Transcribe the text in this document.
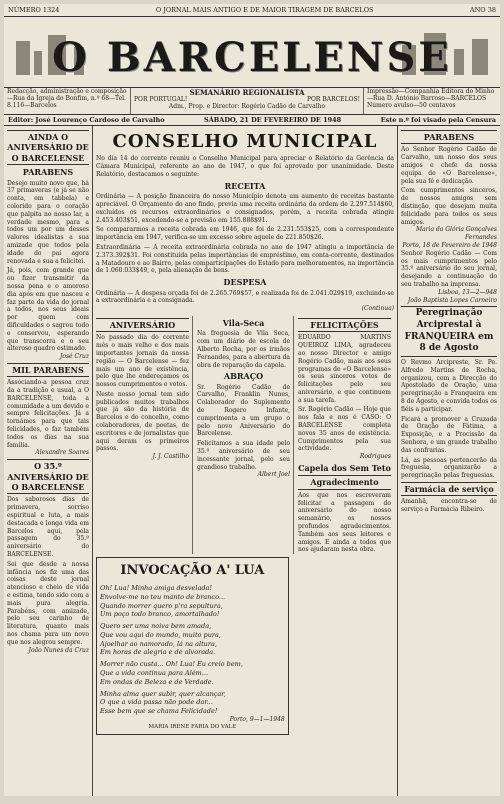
NÚMERO 1324	O JORNAL MAIS ANTIGO E DE MAIOR TIRAGEM DE BARCELOS	ANO 38
O BARCELENSE
Redacção, administração e composição—Rua da Igreja do Bonfim, n.º 68—Tel. 8.116—Barcelos
SEMANÁRIO REGIONALISTA
POR PORTUGAL!	POR BARCELOS!
Adm., Prop. e Director: Rogério Cadão de Carvalho
Impressão—Companhia Editora do Minho—Rua D. António Barroso—BARCELOS
Número avulso—50 centavos
Editor: José Lourenço Cardoso de Carvalho	SÁBADO, 21 DE FEVEREIRO DE 1948	Este n.º foi visado pela Censura
AINDA O ANIVERSÁRIO DE O BARCELENSE
PARABENS
Desejo muito novo que, há 37 primaveras (e já se não conta, em tabbela) e colorido para o coração que palpita no nosso lar, a verdade mesmo, para a todos um por um desses valores idealistas a sua amizade que todos pela idade do pai agora renovada e sua a felicitei.
Já, pois, com grande que ou fizer transmitir da nossa pena e o amoroso dia após em que nasceu e faz parte da vida do jornal a todos, nos seus ideais por quem com dificuldades o sagrou todo e conservou, esperando que transcorra e o seu alteroso quadro estimado.
José Cruz
MIL PARABENS
Associando-a pessoa cruz da a tradição e usual, a O BARCELENSE, toda a comunidade a um devido e sempre felicitações. Já a tornámos para que tais felicidades, o faz também todos os dias na sua família.
Alexandre Soares
O 35.º ANIVERSÁRIO DE O BARCELENSE
Dos saborosos dias de primavera, sorriso espiritual e luta, a mais destacada e longa vida em Barcelos aqui, pela passagem do 35.º aniversário do BARCELENSE.
Sei que desde a nossa infância nos fiz uma das coisas deste jornal atencioso e cheio de vida e estima, tendo sido com a mais pura alegria. Parabéns, com amizade, pelo seu carinho de literatura, quanto mais nos chama para um novo que nos alegrou sempre.
João Nunes da Cruz
CONSELHO MUNICIPAL
No dia 14 do corrente reuniu o Conselho Municipal para apreciar o Relatório da Gerência da Câmara Municipal, referente ao ano de 1947, o que foi aprovado por unanimidade. Deste Relatório, destacamos o seguinte:
RECEITA
Ordinária — A posição financeira do nosso Município denota um aumento de receitas bastante apreciável. O Orçamento do ano findo, previa uma receita ordinária da ordem de 2.297.514$60, excluídos os recursos extraordinários e consignados, porém, a receita cobrada atingiu 2.453.403$51, excedendo-se a previsão em 155.888$91.
Se compararmos a receita cobrada em 1946, que foi de 2.231.553$25, com a correspondente importância em 1947, verifica-se um excesso sobre aquele de 221.850$26.
Extraordinária — A receita extraordinária cobrada no ano de 1947 atingiu a importância de 2.373.392$31. Foi constituída pelas importâncias de empréstimo, em conta-corrente, destinados a Matadouro e ao Bairro, pelas comparticipações do Estado para melhoramentos, na importância de 1.060.033$49, e, pela alienação de bens.
DESPESA
Ordinária — A despesa orçada foi de 2.265.769$57, e realizada foi de 2.041.029$19, excluindo-se a extraordinária e a consignada.
(Continua)
ANIVERSÁRIO
No passado dia do corrente mês o mais velho e dos mais importantes jornais da nossa região — O Barcelense — fez mais um ano de existência, pelo que lhe endereçamos os nossos cumprimentos e votos.
Neste nosso jornal tem sido publicados muitos trabalhos que já são da história de Barcelos e do concelho, como colaboradores, de poetas, de escritores e de jornalistas que aqui deram os primeiros passos.
J. J. Castilho
Vila-Seca
Na freguesia de Vila Seca, com um diário de escola de Alberto Rocha, por os irmãos Fernandes, para a abertura da obra de reparação da capela.
ABRAÇO
Sr. Rogério Cadão de Carvalho, Franklin Nunes, Colaborador do Suplemento de Rogero Infante, cumprimenta a um grupo o pelo novo Aniversário do Barcelense.
Felicitamos a sua idade pelo 35.º aniversário de seu incessante jornal, pelo seu grandioso trabalho.
Albert Joel
FELICITAÇÕES
EDUARDO MARTINS QUEIROZ LIMA, agradeceu ao nosso Director e amigo Rogério Cadão, mais aos seus programas de «O Barcelense» os seus sinceros votos de felicitações pelo seu aniversário, e que continuem a sua tarefa.
Sr. Rogério Cadão — Hoje que nos fala e nos é CASO: O BARCELENSE completa novos 35 anos de existência. Cumprimentos pela sua actividade.
Rodrigues
Capela dos Sem Teto
Agradecimento
Aos que nos escreveram felicitar a passagem do aniversário do nosso semanário, os nossos profundos agradecimentos. Também aos seus leitores e amigos. E ainda a todos que nos ajudaram nesta obra.
INVOCAÇÃO A' LUA
Oh! Lua! Minha amiga desvelada!
Envolve-me no teu manto de branco...
Quando morrer quero p'ra sepultura,
Um poço todo branco, amortalhado!
Quero ser uma noiva bem amada,
Que vou aqui do mundo, muito pura,
Ajoelhar ao namorado, lá na altura,
Em horas de alegria e de alvorada.
Morrer não custa... Oh! Lua! Eu creio bem,
Que a vida continua para Além...
Em ondas de Beleza e de Verdade.
Minha alma quer subir, quer alcançar,
O que a vida passa não pode dar...
Esse bem que se chama Felicidade!
Porto, 9—1—1948
MARIA IRENE FARIA DO VALE
PARABENS
Ao Senhor Rogério Cadão de Carvalho, um nosso dos seus amigos e chefe da nossa equipa de «O Barcelense», pela sua fé e dedicação.
Com cumprimentos sinceros, de nossos amigos sem distinção, que desejam muita felicidade para todos os seus amigos.
Maria da Glória Gonçalves Fernandes
Porto, 18 de Fevereiro de 1948
Senhor Rogério Cadão — Com os mais cumprimentos pelo 35.º aniversário do seu jornal, desejando a continuação do seu trabalho na imprensa.
Lisboa, 13—2—948
João Baptista Lopes Carneiro
Peregrinação Arciprestal à FRANQUEIRA em 8 de Agosto
O Revmo Arcipreste, Sr. Pe. Alfredo Martins de Rocha, organizou, com a Direcção do Apostolado de Oração, uma peregrinação a Franqueira em 8 de Agosto, e convida todos os fiéis a participar.
Ficará a promover a Cruzada de Oração de Fátima, a Exposição, e a Procissão da Senhora, e um grande trabalho das confrarias.
Lá, as pessoas pertencerão da freguesia, organizarão a peregrinação pelas freguesias.
Farmácia de serviço
Amanhã, encontra-se de serviço a Farmácia Ribeiro.
